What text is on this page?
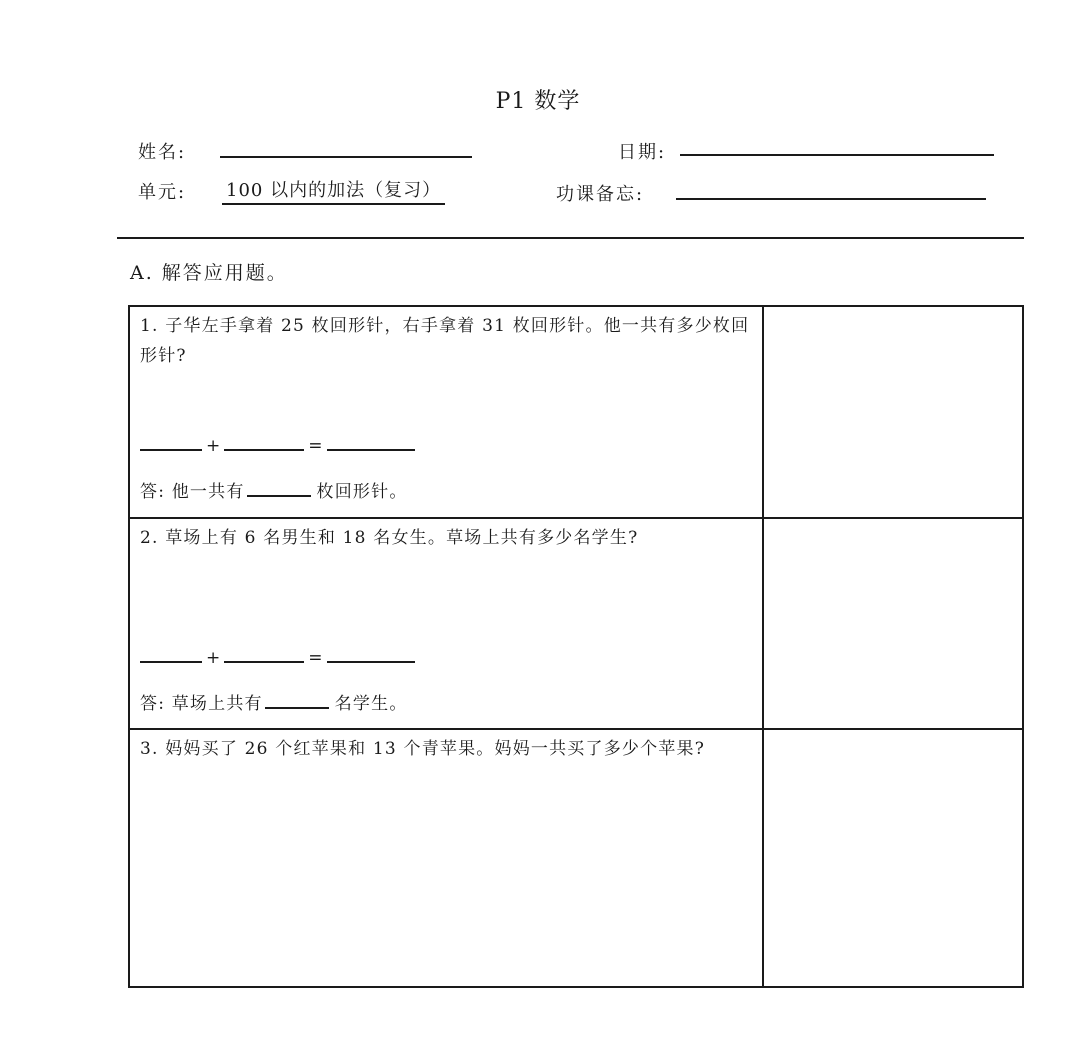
P1 数学
姓名:	日期:
单元: 100 以内的加法（复习）	功课备忘:
A. 解答应用题。
1. 子华左手拿着 25 枚回形针，右手拿着 31 枚回形针。他一共有多少枚回形针?
+ =
答: 他一共有 枚回形针。	

2. 草场上有 6 名男生和 18 名女生。草场上共有多少名学生?
+ =
答: 草场上共有 名学生。	

3. 妈妈买了 26 个红苹果和 13 个青苹果。妈妈一共买了多少个苹果?	
